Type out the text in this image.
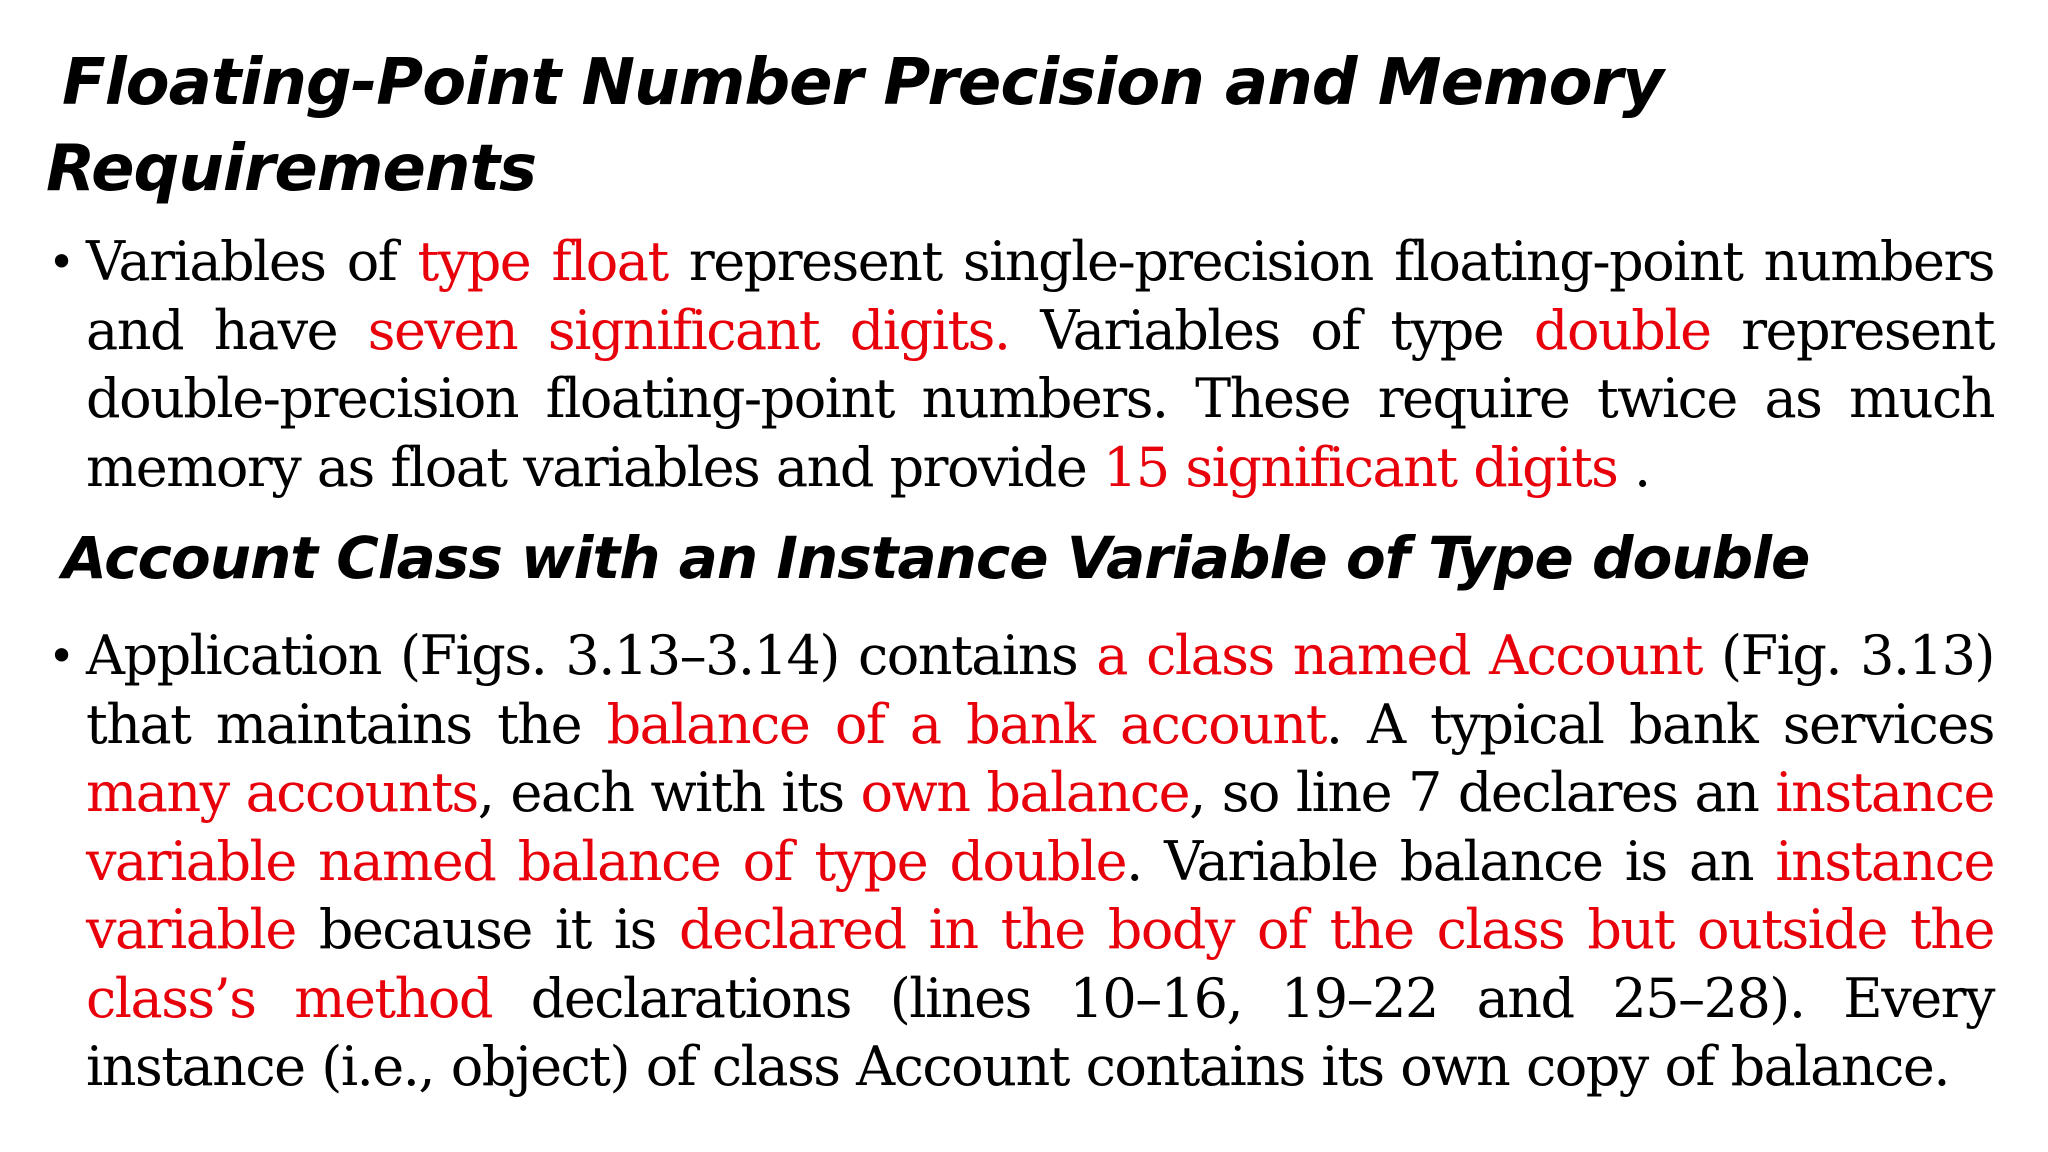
Floating-Point Number Precision and Memory
Requirements

• Variables of type float represent single-precision floating-point numbers and have seven significant digits. Variables of type double represent double-precision floating-point numbers. These require twice as much memory as float variables and provide 15 significant digits .

Account Class with an Instance Variable of Type double

• Application (Figs. 3.13–3.14) contains a class named Account (Fig. 3.13) that maintains the balance of a bank account. A typical bank services many accounts, each with its own balance, so line 7 declares an instance variable named balance of type double. Variable balance is an instance variable because it is declared in the body of the class but outside the class’s method declarations (lines 10–16, 19–22 and 25–28). Every instance (i.e., object) of class Account contains its own copy of balance.
